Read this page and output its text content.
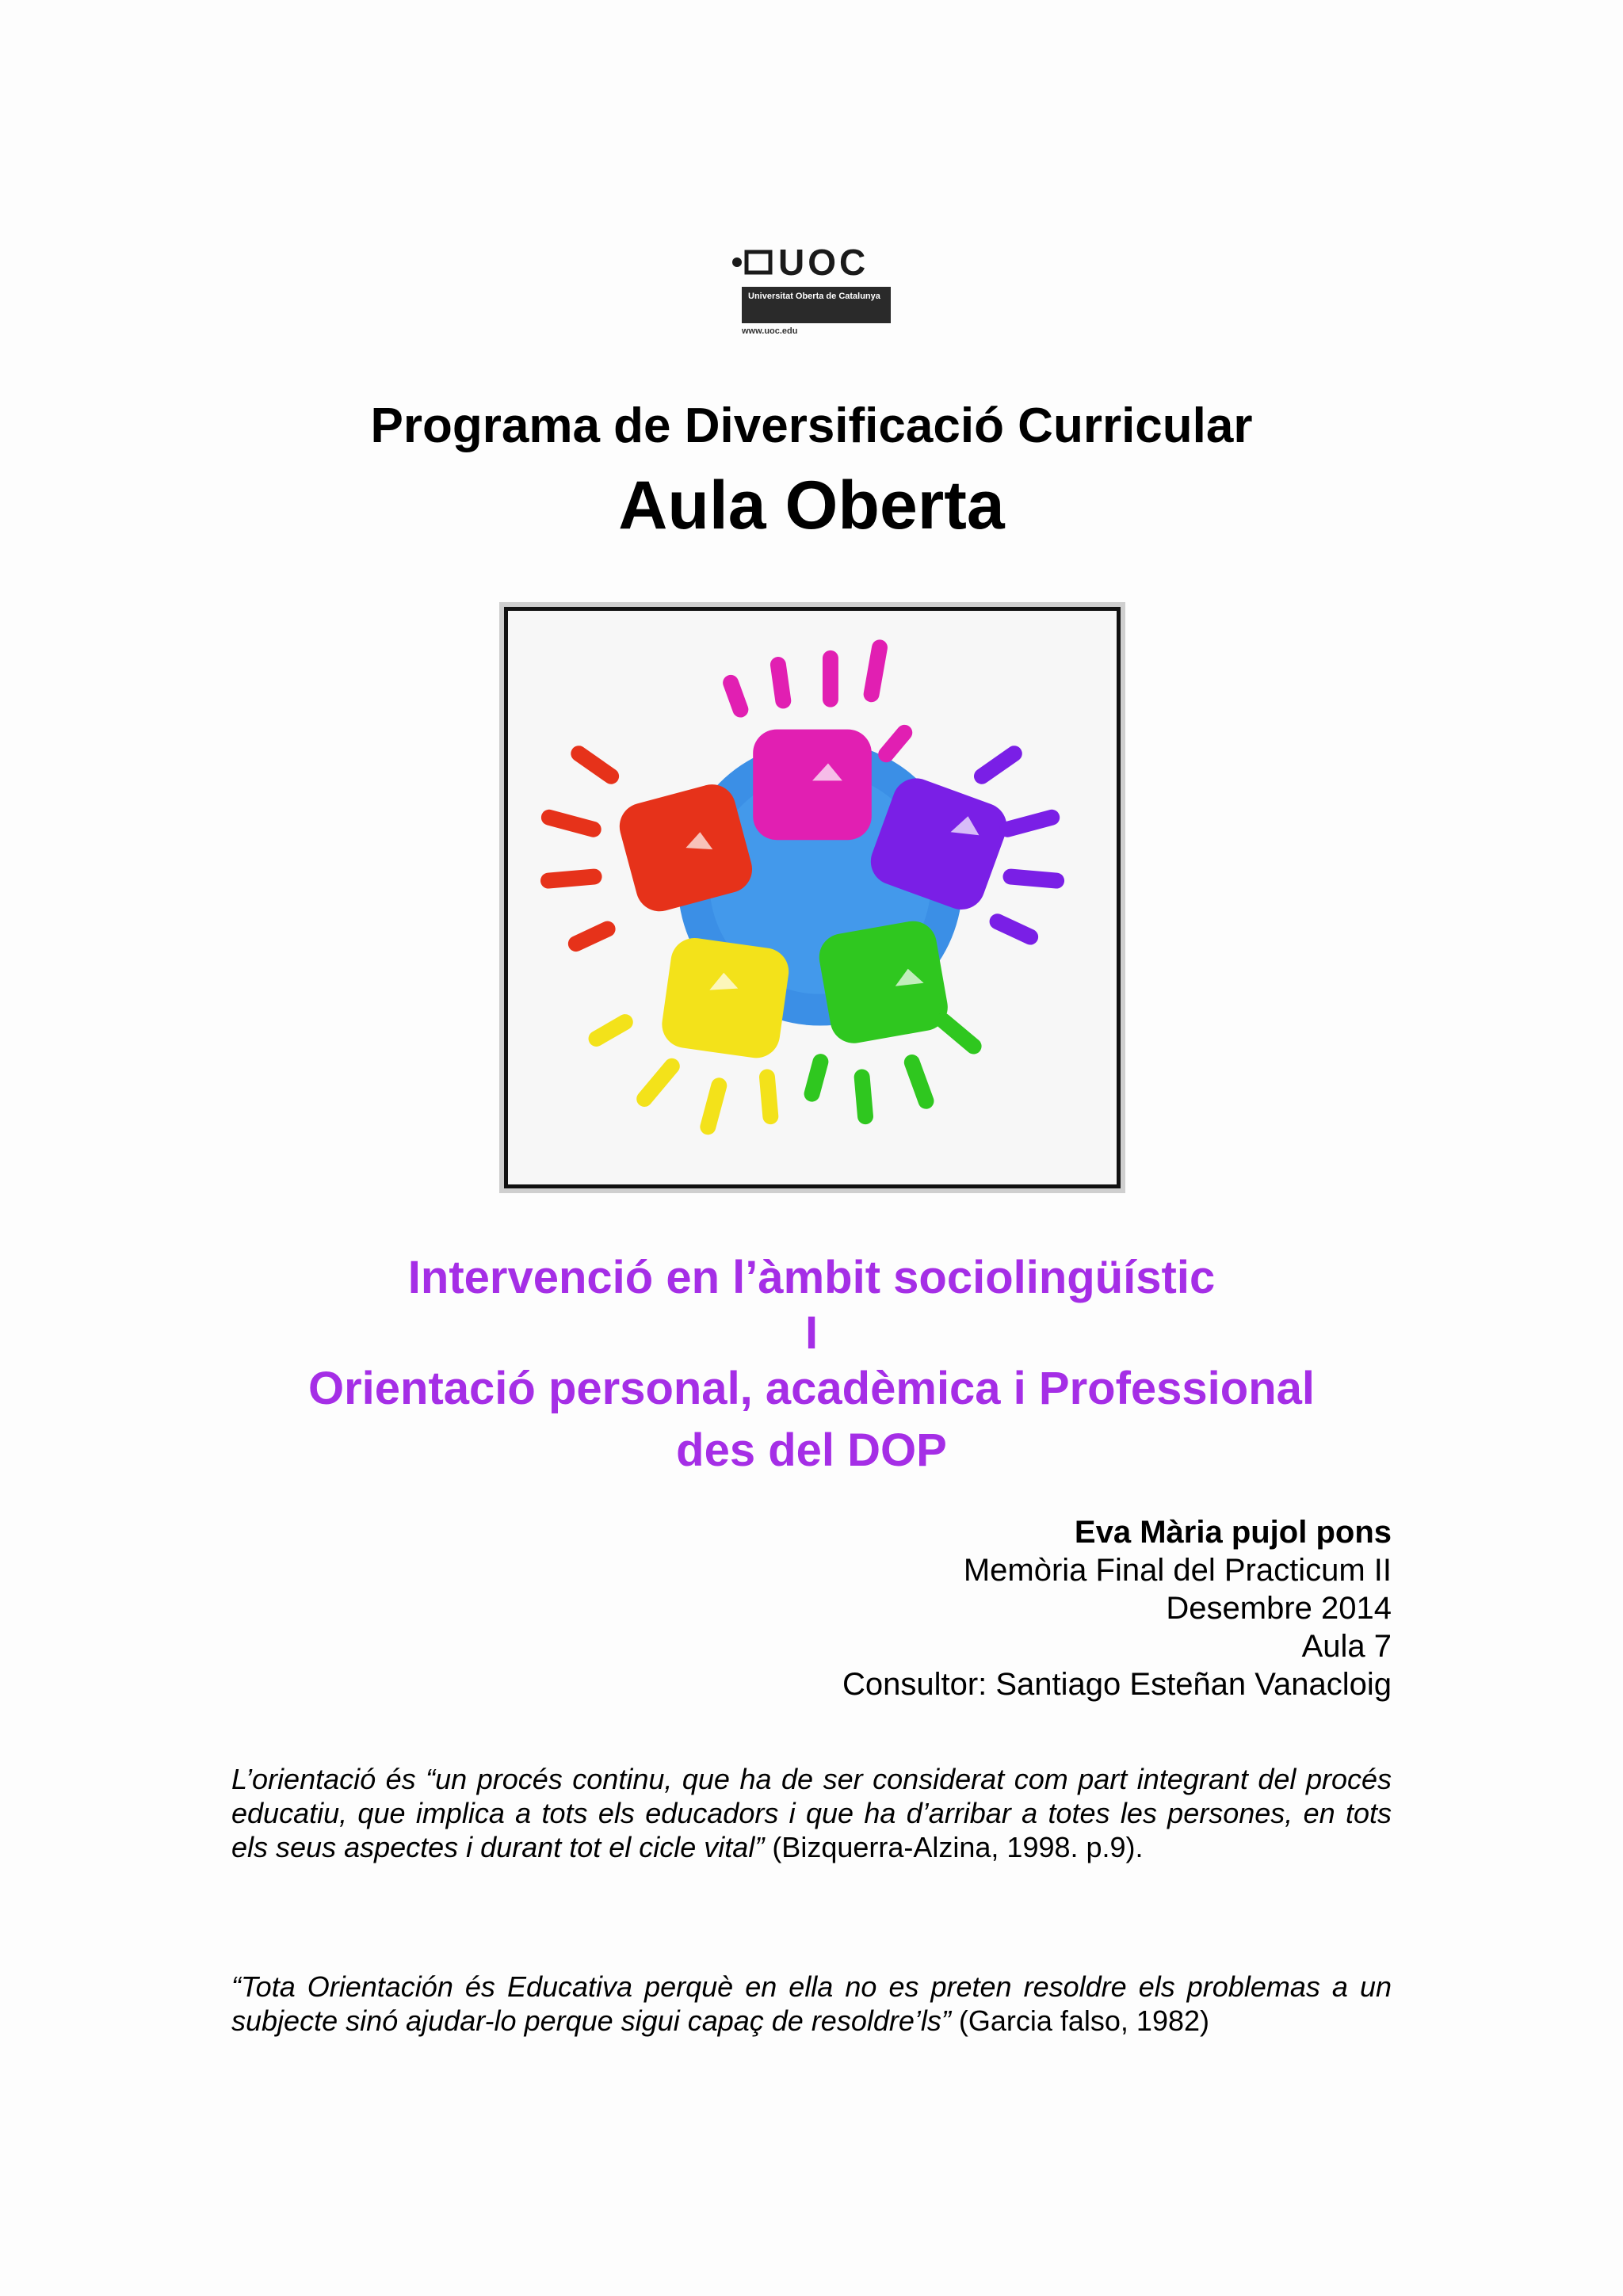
UOC
Universitat Oberta de Catalunya
www.uoc.edu
Programa de Diversificació Curricular
Aula Oberta
Intervenció en l’àmbit sociolingüístic
I
Orientació personal, acadèmica i Professional
des del DOP
Eva Mària pujol pons
Memòria Final del Practicum II
Desembre 2014
Aula 7
Consultor: Santiago Esteñan Vanacloig
L’orientació és “un procés continu, que ha de ser considerat com part integrant del procés educatiu, que implica a tots els educadors i que ha d’arribar a totes les persones, en tots els seus aspectes i durant tot el cicle vital” (Bizquerra-Alzina, 1998. p.9).
“Tota Orientación és Educativa perquè en ella no es preten resoldre els problemas a un subjecte sinó ajudar-lo perque sigui capaç de resoldre’ls” (Garcia falso, 1982)
